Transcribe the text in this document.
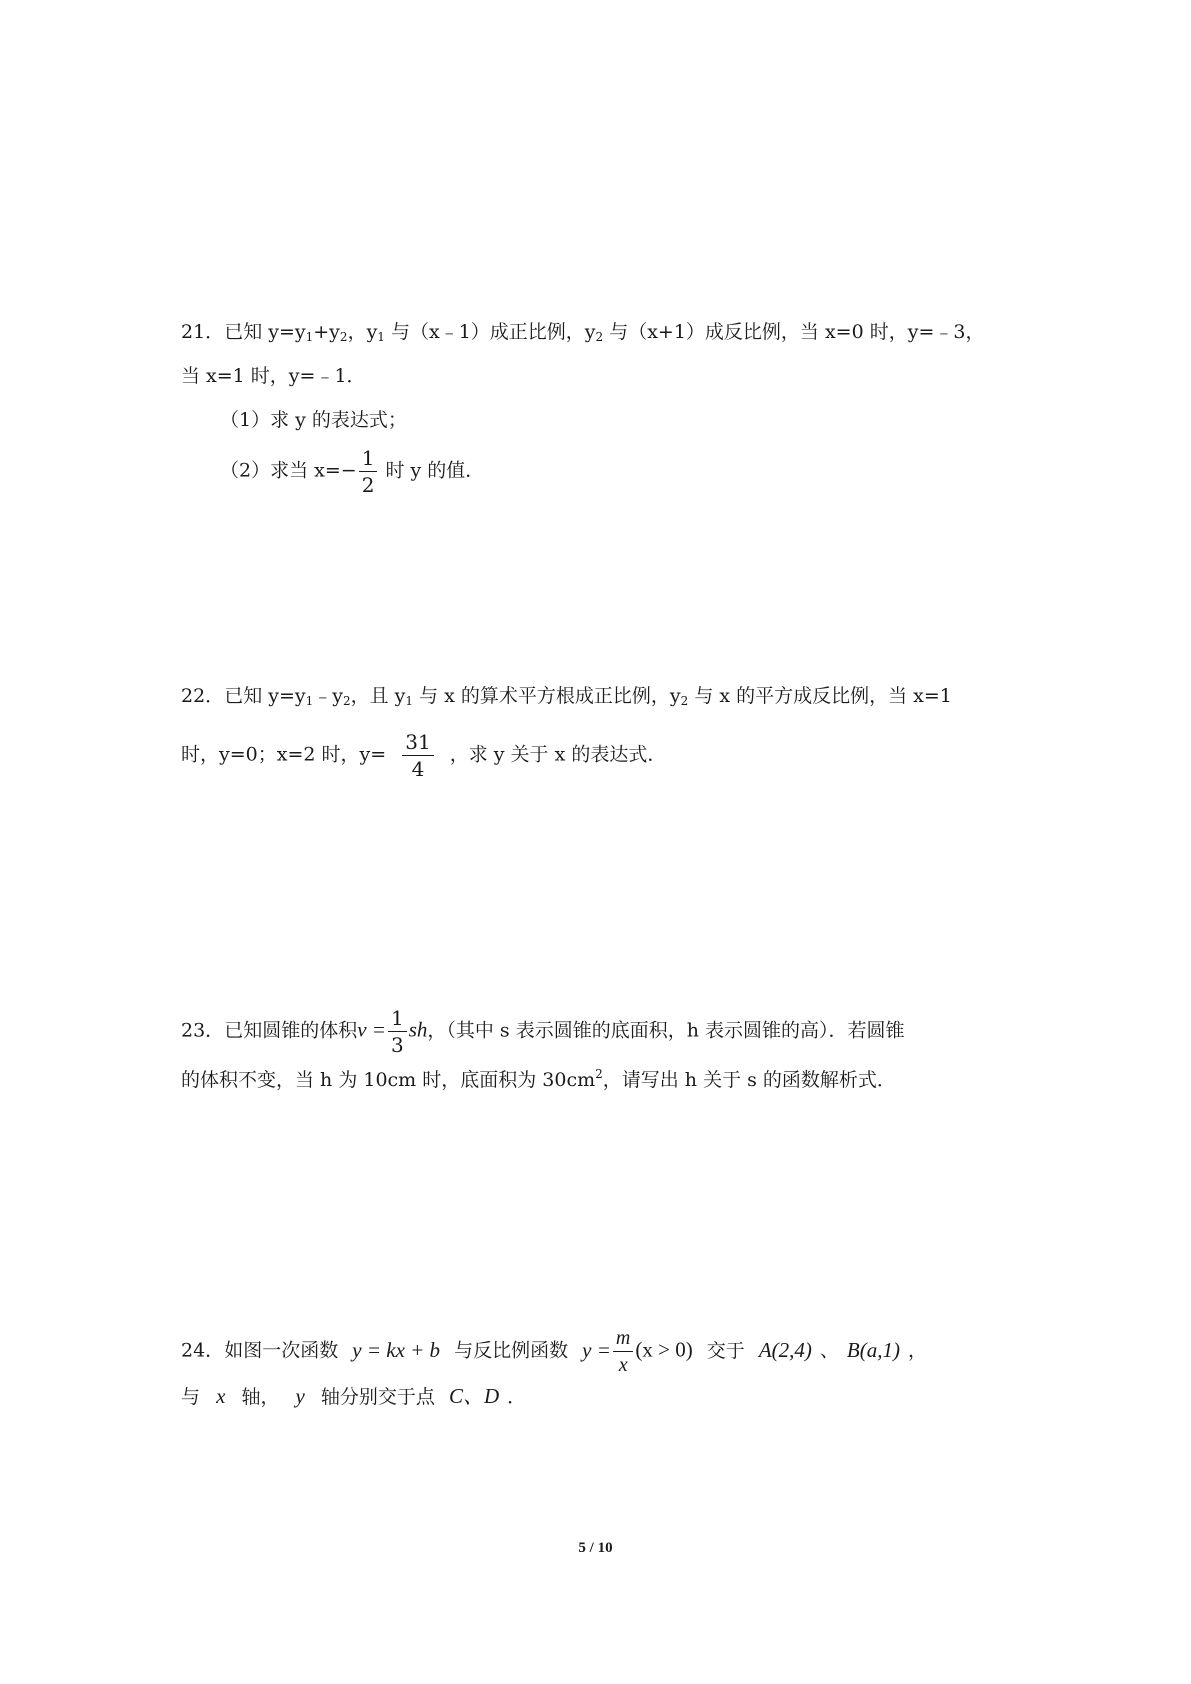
21．已知 $y=y_1+y_2$，$y_1$ 与（x﹣1）成正比例，$y_2$ 与（x+1）成反比例，当 x=0 时，y=﹣3，
当 x=1 时，y=﹣1．
（1）求 y 的表达式；
（2）求当 $x=- \frac{1}{2}$ 时 y 的值．
22．已知 $y=y_1﹣y_2$，且 $y_1$ 与 x 的算术平方根成正比例，$y_2$ 与 x 的平方成反比例，当 x=1
时，y=0；x=2 时，$y= \frac{31}{4}$ ，求 y 关于 x 的表达式．
23．已知圆锥的体积$v = \frac{1}{3}$ sh，（其中 s 表示圆锥的底面积，h 表示圆锥的高）．若圆锥
的体积不变，当 h 为 10cm 时，底面积为 $30cm^2$，请写出 h 关于 s 的函数解析式．
24．如图一次函数 y = kx + b 与反比例函数 $y = \frac{m}{x} (x > 0)$ 交于 A(2,4) 、 B(a,1) ，
与 x 轴， y 轴分别交于点 C、D ．
5 / 10
